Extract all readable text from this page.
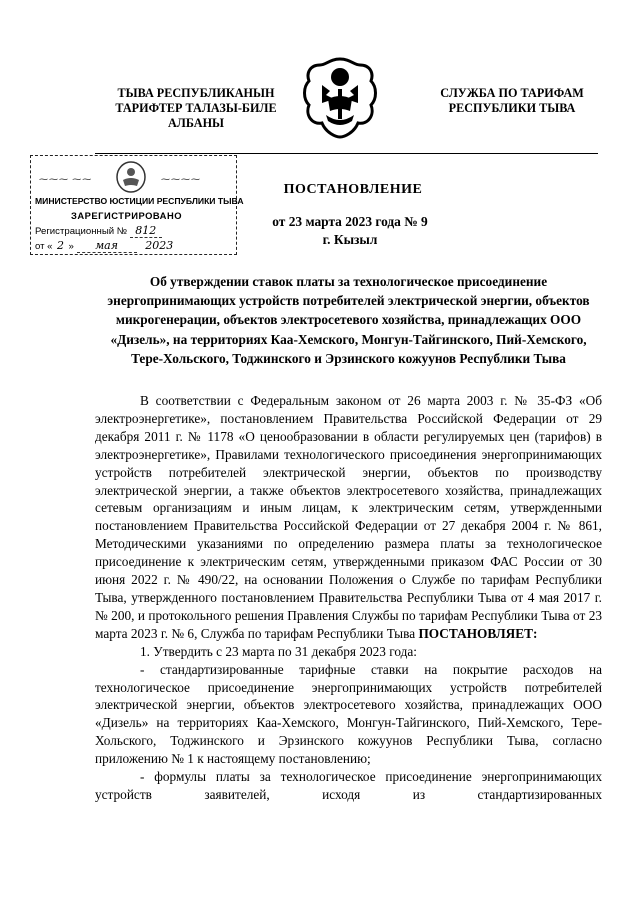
ТЫВА РЕСПУБЛИКАНЫН
ТАРИФТЕР ТАЛАЗЫ-БИЛЕ
АЛБАНЫ
СЛУЖБА ПО ТАРИФАМ
РЕСПУБЛИКИ ТЫВА
⁓⁓⁓ ⁓⁓	⁓⁓⁓⁓
МИНИСТЕРСТВО ЮСТИЦИИ РЕСПУБЛИКИ ТЫВА
ЗАРЕГИСТРИРОВАНО
Регистрационный № 812
от « 2 » мая 2023
ПОСТАНОВЛЕНИЕ
от 23 марта 2023 года № 9
г. Кызыл
Об утверждении ставок платы за технологическое присоединение энергопринимающих устройств потребителей электрической энергии, объектов микрогенерации, объектов электросетевого хозяйства, принадлежащих ООО «Дизель», на территориях Каа-Хемского, Монгун-Тайгинского, Пий-Хемского, Тере-Хольского, Тоджинского и Эрзинского кожуунов Республики Тыва

В соответствии с Федеральным законом от 26 марта 2003 г. № 35-ФЗ «Об электроэнергетике», постановлением Правительства Российской Федерации от 29 декабря 2011 г. № 1178 «О ценообразовании в области регулируемых цен (тарифов) в электроэнергетике», Правилами технологического присоединения энергопринимающих устройств потребителей электрической энергии, объектов по производству электрической энергии, а также объектов электросетевого хозяйства, принадлежащих сетевым организациям и иным лицам, к электрическим сетям, утвержденными постановлением Правительства Российской Федерации от 27 декабря 2004 г. № 861, Методическими указаниями по определению размера платы за технологическое присоединение к электрическим сетям, утвержденными приказом ФАС России от 30 июня 2022 г. № 490/22, на основании Положения о Службе по тарифам Республики Тыва, утвержденного постановлением Правительства Республики Тыва от 4 мая 2017 г. № 200, и протокольного решения Правления Службы по тарифам Республики Тыва от 23 марта 2023 г. № 6, Служба по тарифам Республики Тыва ПОСТАНОВЛЯЕТ:

1. Утвердить с 23 марта по 31 декабря 2023 года:

- стандартизированные тарифные ставки на покрытие расходов на технологическое присоединение энергопринимающих устройств потребителей электрической энергии, объектов электросетевого хозяйства, принадлежащих ООО «Дизель» на территориях Каа-Хемского, Монгун-Тайгинского, Пий-Хемского, Тере-Хольского, Тоджинского и Эрзинского кожуунов Республики Тыва, согласно приложению № 1 к настоящему постановлению;

- формулы платы за технологическое присоединение энергопринимающих устройств заявителей, исходя из стандартизированных
